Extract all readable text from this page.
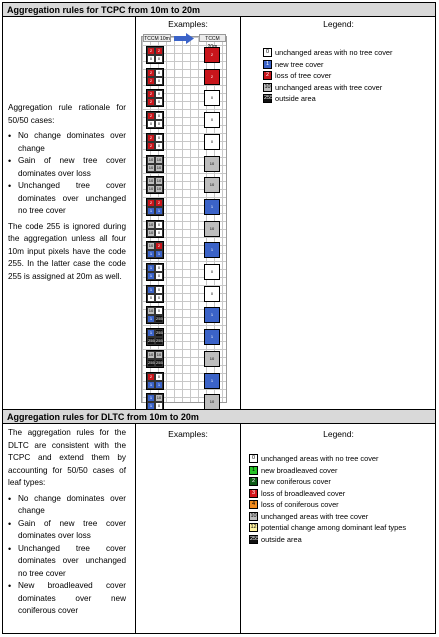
Aggregation rules for TCPC from 10m to 20m
Examples:	Legend:

Aggregation rule rationale for 50/50 cases:

• No change dominates over change
• Gain of new tree cover dominates over loss
• Unchanged tree cover dominates over unchanged no tree cover

The code 255 is ignored during the aggregation unless all four 10m input pixels have the code 255. In the latter case the code 255 is assigned at 20m as well.

TCCM 10m	TCCM
2	2
0	0
2
2	0
2	0
2
2	0
2	0
0
2	0
0	0
0
2	0
2	0
0
10 10
10 10
10
10 10
10 10
10
2	2
1	1
1
10	0
10	0
10
10	2
1	1
1
1	0
1	0
0
1	0
0	0
0
10	0
1 255
1
1 255
255 255
1
10 10
255 255
10
2	0
1	1
1
1	10
1	0
10
0 unchanged areas with no tree cover
1 new tree cover
2 loss of tree cover
10 unchanged areas with tree cover
255 outside area
Aggregation rules for DLTC from 10m to 20m
Examples:	Legend:

The aggregation rules for the DLTC are consistent with the TCPC and extend them by accounting for 50/50 cases of leaf types:

• No change dominates over change
• Gain of new tree cover dominates over loss
• Unchanged tree cover dominates over unchanged no tree cover
• New broadleaved cover dominates over new coniferous cover
0 unchanged areas with no tree cover
1 new broadleaved cover
2 new coniferous cover
3 loss of broadleaved cover
4 loss of coniferous cover
10 unchanged areas with tree cover
12 potential change among dominant leaf types
255 outside area
